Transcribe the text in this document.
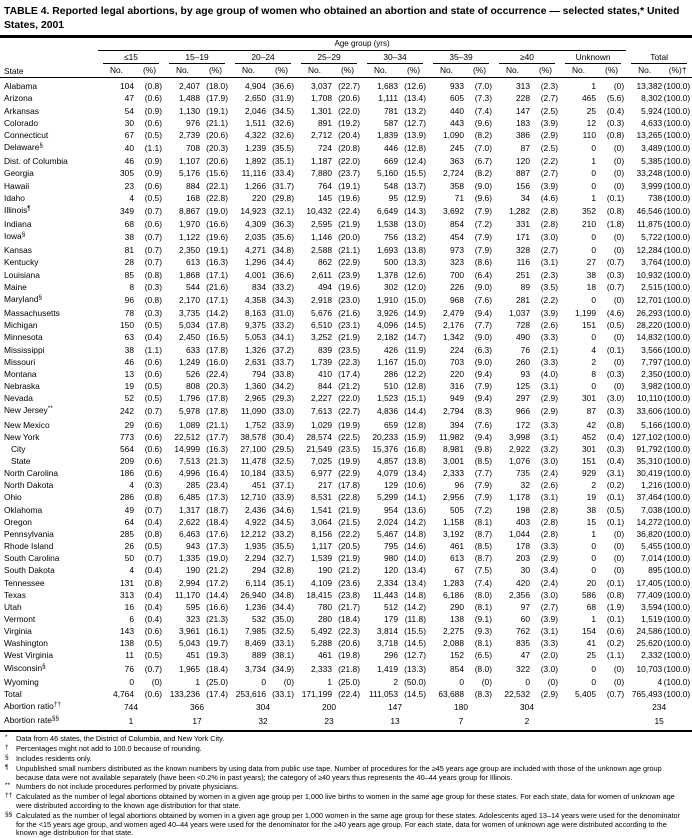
TABLE 4. Reported legal abortions, by age group of women who obtained an abortion and state of occurrence — selected states,* United States, 2001
State	Age group (yrs)																	

	≤15		15–19		20–24		25–29		30–34		35–39		≥40		Unknown		Total	

	No.	(%)	No.	(%)	No.	(%)	No.	(%)	No.	(%)	No.	(%)	No.	(%)	No.	(%)	No.	(%)†
Alabama	104	(0.8)	2,407	(18.0)	4,904	(36.6)	3,037	(22.7)	1,683	(12.6)	933	(7.0)	313	(2.3)	1	(0)	13,382	(100.0)
Arizona	47	(0.6)	1,488	(17.9)	2,650	(31.9)	1,708	(20.6)	1,111	(13.4)	605	(7.3)	228	(2.7)	465	(5.6)	8,302	(100.0)
Arkansas	54	(0.9)	1,130	(19.1)	2,046	(34.5)	1,301	(22.0)	781	(13.2)	440	(7.4)	147	(2.5)	25	(0.4)	5,924	(100.0)
Colorado	30	(0.6)	976	(21.1)	1,511	(32.6)	891	(19.2)	587	(12.7)	443	(9.6)	183	(3.9)	12	(0.3)	4,633	(100.0)
Connecticut	67	(0.5)	2,739	(20.6)	4,322	(32.6)	2,712	(20.4)	1,839	(13.9)	1,090	(8.2)	386	(2.9)	110	(0.8)	13,265	(100.0)
Delaware§	40	(1.1)	708	(20.3)	1,239	(35.5)	724	(20.8)	446	(12.8)	245	(7.0)	87	(2.5)	0	(0)	3,489	(100.0)
Dist. of Columbia	46	(0.9)	1,107	(20.6)	1,892	(35.1)	1,187	(22.0)	669	(12.4)	363	(6.7)	120	(2.2)	1	(0)	5,385	(100.0)
Georgia	305	(0.9)	5,176	(15.6)	11,116	(33.4)	7,880	(23.7)	5,160	(15.5)	2,724	(8.2)	887	(2.7)	0	(0)	33,248	(100.0)
Hawaii	23	(0.6)	884	(22.1)	1,266	(31.7)	764	(19.1)	548	(13.7)	358	(9.0)	156	(3.9)	0	(0)	3,999	(100.0)
Idaho	4	(0.5)	168	(22.8)	220	(29.8)	145	(19.6)	95	(12.9)	71	(9.6)	34	(4.6)	1	(0.1)	738	(100.0)
Illinois¶	349	(0.7)	8,867	(19.0)	14,923	(32.1)	10,432	(22.4)	6,649	(14.3)	3,692	(7.9)	1,282	(2.8)	352	(0.8)	46,546	(100.0)
Indiana	68	(0.6)	1,970	(16.6)	4,309	(36.3)	2,595	(21.9)	1,538	(13.0)	854	(7.2)	331	(2.8)	210	(1.8)	11,875	(100.0)
Iowa§	38	(0.7)	1,122	(19.6)	2,035	(35.6)	1,146	(20.0)	756	(13.2)	454	(7.9)	171	(3.0)	0	(0)	5,722	(100.0)
Kansas	81	(0.7)	2,350	(19.1)	4,271	(34.8)	2,588	(21.1)	1,693	(13.8)	973	(7.9)	328	(2.7)	0	(0)	12,284	(100.0)
Kentucky	28	(0.7)	613	(16.3)	1,296	(34.4)	862	(22.9)	500	(13.3)	323	(8.6)	116	(3.1)	27	(0.7)	3,764	(100.0)
Louisiana	85	(0.8)	1,868	(17.1)	4,001	(36.6)	2,611	(23.9)	1,378	(12.6)	700	(6.4)	251	(2.3)	38	(0.3)	10,932	(100.0)
Maine	8	(0.3)	544	(21.6)	834	(33.2)	494	(19.6)	302	(12.0)	226	(9.0)	89	(3.5)	18	(0.7)	2,515	(100.0)
Maryland§	96	(0.8)	2,170	(17.1)	4,358	(34.3)	2,918	(23.0)	1,910	(15.0)	968	(7.6)	281	(2.2)	0	(0)	12,701	(100.0)
Massachusetts	78	(0.3)	3,735	(14.2)	8,163	(31.0)	5,676	(21.6)	3,926	(14.9)	2,479	(9.4)	1,037	(3.9)	1,199	(4.6)	26,293	(100.0)
Michigan	150	(0.5)	5,034	(17.8)	9,375	(33.2)	6,510	(23.1)	4,096	(14.5)	2,176	(7.7)	728	(2.6)	151	(0.5)	28,220	(100.0)
Minnesota	63	(0.4)	2,450	(16.5)	5,053	(34.1)	3,252	(21.9)	2,182	(14.7)	1,342	(9.0)	490	(3.3)	0	(0)	14,832	(100.0)
Mississippi	38	(1.1)	633	(17.8)	1,326	(37.2)	839	(23.5)	426	(11.9)	224	(6.3)	76	(2.1)	4	(0.1)	3,566	(100.0)
Missouri	46	(0.6)	1,249	(16.0)	2,631	(33.7)	1,739	(22.3)	1,167	(15.0)	703	(9.0)	260	(3.3)	2	(0)	7,797	(100.0)
Montana	13	(0.6)	526	(22.4)	794	(33.8)	410	(17.4)	286	(12.2)	220	(9.4)	93	(4.0)	8	(0.3)	2,350	(100.0)
Nebraska	19	(0.5)	808	(20.3)	1,360	(34.2)	844	(21.2)	510	(12.8)	316	(7.9)	125	(3.1)	0	(0)	3,982	(100.0)
Nevada	52	(0.5)	1,796	(17.8)	2,965	(29.3)	2,227	(22.0)	1,523	(15.1)	949	(9.4)	297	(2.9)	301	(3.0)	10,110	(100.0)
New Jersey**	242	(0.7)	5,978	(17.8)	11,090	(33.0)	7,613	(22.7)	4,836	(14.4)	2,794	(8.3)	966	(2.9)	87	(0.3)	33,606	(100.0)
New Mexico	29	(0.6)	1,089	(21.1)	1,752	(33.9)	1,029	(19.9)	659	(12.8)	394	(7.6)	172	(3.3)	42	(0.8)	5,166	(100.0)
New York	773	(0.6)	22,512	(17.7)	38,578	(30.4)	28,574	(22.5)	20,233	(15.9)	11,982	(9.4)	3,998	(3.1)	452	(0.4)	127,102	(100.0)
City	564	(0.6)	14,999	(16.3)	27,100	(29.5)	21,549	(23.5)	15,376	(16.8)	8,981	(9.8)	2,922	(3.2)	301	(0.3)	91,792	(100.0)
State	209	(0.6)	7,513	(21.3)	11,478	(32.5)	7,025	(19.9)	4,857	(13.8)	3,001	(8.5)	1,076	(3.0)	151	(0.4)	35,310	(100.0)
North Carolina	186	(0.6)	4,996	(16.4)	10,184	(33.5)	6,977	(22.9)	4,079	(13.4)	2,333	(7.7)	735	(2.4)	929	(3.1)	30,419	(100.0)
North Dakota	4	(0.3)	285	(23.4)	451	(37.1)	217	(17.8)	129	(10.6)	96	(7.9)	32	(2.6)	2	(0.2)	1,216	(100.0)
Ohio	286	(0.8)	6,485	(17.3)	12,710	(33.9)	8,531	(22.8)	5,299	(14.1)	2,956	(7.9)	1,178	(3.1)	19	(0.1)	37,464	(100.0)
Oklahoma	49	(0.7)	1,317	(18.7)	2,436	(34.6)	1,541	(21.9)	954	(13.6)	505	(7.2)	198	(2.8)	38	(0.5)	7,038	(100.0)
Oregon	64	(0.4)	2,622	(18.4)	4,922	(34.5)	3,064	(21.5)	2,024	(14.2)	1,158	(8.1)	403	(2.8)	15	(0.1)	14,272	(100.0)
Pennsylvania	285	(0.8)	6,463	(17.6)	12,212	(33.2)	8,156	(22.2)	5,467	(14.8)	3,192	(8.7)	1,044	(2.8)	1	(0)	36,820	(100.0)
Rhode Island	26	(0.5)	943	(17.3)	1,935	(35.5)	1,117	(20.5)	795	(14.6)	461	(8.5)	178	(3.3)	0	(0)	5,455	(100.0)
South Carolina	50	(0.7)	1,335	(19.0)	2,294	(32.7)	1,539	(21.9)	980	(14.0)	613	(8.7)	203	(2.9)	0	(0)	7,014	(100.0)
South Dakota	4	(0.4)	190	(21.2)	294	(32.8)	190	(21.2)	120	(13.4)	67	(7.5)	30	(3.4)	0	(0)	895	(100.0)
Tennessee	131	(0.8)	2,994	(17.2)	6,114	(35.1)	4,109	(23.6)	2,334	(13.4)	1,283	(7.4)	420	(2.4)	20	(0.1)	17,405	(100.0)
Texas	313	(0.4)	11,170	(14.4)	26,940	(34.8)	18,415	(23.8)	11,443	(14.8)	6,186	(8.0)	2,356	(3.0)	586	(0.8)	77,409	(100.0)
Utah	16	(0.4)	595	(16.6)	1,236	(34.4)	780	(21.7)	512	(14.2)	290	(8.1)	97	(2.7)	68	(1.9)	3,594	(100.0)
Vermont	6	(0.4)	323	(21.3)	532	(35.0)	280	(18.4)	179	(11.8)	138	(9.1)	60	(3.9)	1	(0.1)	1,519	(100.0)
Virginia	143	(0.6)	3,961	(16.1)	7,985	(32.5)	5,492	(22.3)	3,814	(15.5)	2,275	(9.3)	762	(3.1)	154	(0.6)	24,586	(100.0)
Washington	138	(0.5)	5,043	(19.7)	8,469	(33.1)	5,288	(20.6)	3,718	(14.5)	2,088	(8.1)	835	(3.3)	41	(0.2)	25,620	(100.0)
West Virginia	11	(0.5)	451	(19.3)	889	(38.1)	461	(19.8)	296	(12.7)	152	(6.5)	47	(2.0)	25	(1.1)	2,332	(100.0)
Wisconsin§	76	(0.7)	1,965	(18.4)	3,734	(34.9)	2,333	(21.8)	1,419	(13.3)	854	(8.0)	322	(3.0)	0	(0)	10,703	(100.0)
Wyoming	0	(0)	1	(25.0)	0	(0)	1	(25.0)	2	(50.0)	0	(0)	0	(0)	0	(0)	4	(100.0)
Total	4,764	(0.6)	133,236	(17.4)	253,616	(33.1)	171,199	(22.4)	111,053	(14.5)	63,688	(8.3)	22,532	(2.9)	5,405	(0.7)	765,493	(100.0)
Abortion ratio††	744		366		304		200		147		180		304				234	
Abortion rate§§	1		17		32		23		13		7		2				15	
*	Data from 46 states, the District of Columbia, and New York City.
†	Percentages might not add to 100.0 because of rounding.
§	Includes residents only.
¶	Unpublished small numbers distributed as the known numbers by using data from public use tape. Number of procedures for the ≥45 years age group are included with those of the unknown age group because data were not available separately (have been <0.2% in past years); the category of ≥40 years thus represents the 40–44 years group for Illinois.
** Numbers do not include procedures performed by private physicians.
†† Calculated as the number of legal abortions obtained by women in a given age group per 1,000 live births to women in the same age group for these states. For each state, data for women of unknown age were distributed according to the known age distribution for that state.
§§ Calculated as the number of legal abortions obtained by women in a given age group per 1,000 women in the same age group for these states. Adolescents aged 13–14 years were used for the denominator for the <15 years age group, and women aged 40–44 years were used for the denominator for the ≥40 years age group. For each state, data for women of unknown age were distributed according to the known age distribution for that state.
